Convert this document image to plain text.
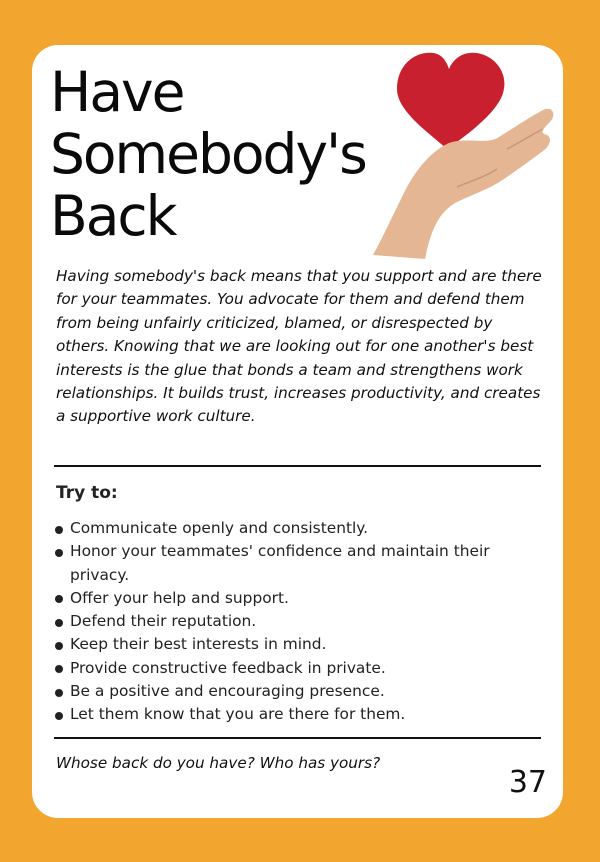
Have
Somebody's
Back

Having somebody's back means that you support and are there for your teammates. You advocate for them and defend them from being unfairly criticized, blamed, or disrespected by others. Knowing that we are looking out for one another's best interests is the glue that bonds a team and strengthens work relationships. It builds trust, increases productivity, and creates a supportive work culture.

Try to:
Communicate openly and consistently.
Honor your teammates' confidence and maintain their privacy.
Offer your help and support.
Defend their reputation.
Keep their best interests in mind.
Provide constructive feedback in private.
Be a positive and encouraging presence.
Let them know that you are there for them.

Whose back do you have? Who has yours?

37
